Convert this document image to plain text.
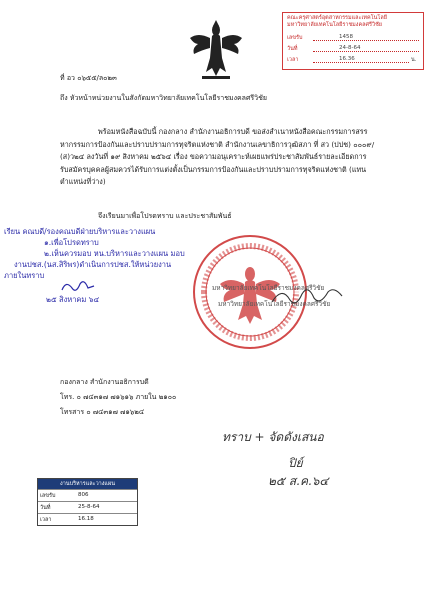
คณะครุศาสตร์อุตสาหกรรมและเทคโนโลยี
มหาวิทยาลัยเทคโนโลยีราชมงคลศรีวิชัย
เลขรับ	1458
วันที่	24-8-64
เวลา	16.36	น.
ที่ อว ๐๖๕๕/ล๐๒๓
ถึง หัวหน้าหน่วยงานในสังกัดมหาวิทยาลัยเทคโนโลยีราชมงคลศรีวิชัย
พร้อมหนังสือฉบับนี้ กองกลาง สำนักงานอธิการบดี ขอส่งสำเนาหนังสือคณะกรรมการสรร
หากรรมการป้องกันและปราบปรามการทุจริตแห่งชาติ สำนักงานเลขาธิการวุฒิสภา ที่ สว (ปปช) ๐๐๐๙/
(ส)ว๒๔ ลงวันที่ ๑๙ สิงหาคม ๒๕๖๔ เรื่อง ขอความอนุเคราะห์เผยแพร่ประชาสัมพันธ์รายละเอียดการ
รับสมัครบุคคลผู้สมควรได้รับการแต่งตั้งเป็นกรรมการป้องกันและปราบปรามการทุจริตแห่งชาติ (แทน
ตำแหน่งที่ว่าง)
จึงเรียนมาเพื่อโปรดทราบ และประชาสัมพันธ์
เรียน คณบดี/รองคณบดีฝ่ายบริหารและวางแผน
๑.เพื่อโปรดทราบ
๒.เห็นควรมอบ หน.บริหารและวางแผน มอบ
งานปชส.(นส.สิริพร)ดำเนินการปชส.ให้หน่วยงาน
ภายในทราบ
๒๕ สิงหาคม ๖๔
มหาวิทยาลัยเทคโนโลยีราชมงคลศรีวิชัย
มหาวิทยาลัยเทคโนโลยีราชมงคลศรีวิชัย
กองกลาง สำนักงานอธิการบดี
โทร. ๐ ๗๔๓๑๗ ๗๑๖๑๖ ภายใน ๒๑๐๐
โทรสาร ๐ ๗๔๓๑๗ ๗๑๖๒๔
ทราบ + จัดดังเสนอ
ปิย์
๒๕ ส.ค.๖๔
งานบริหารและวางแผน
เลขรับ	806
วันที่	25-8-64
เวลา	16.18
